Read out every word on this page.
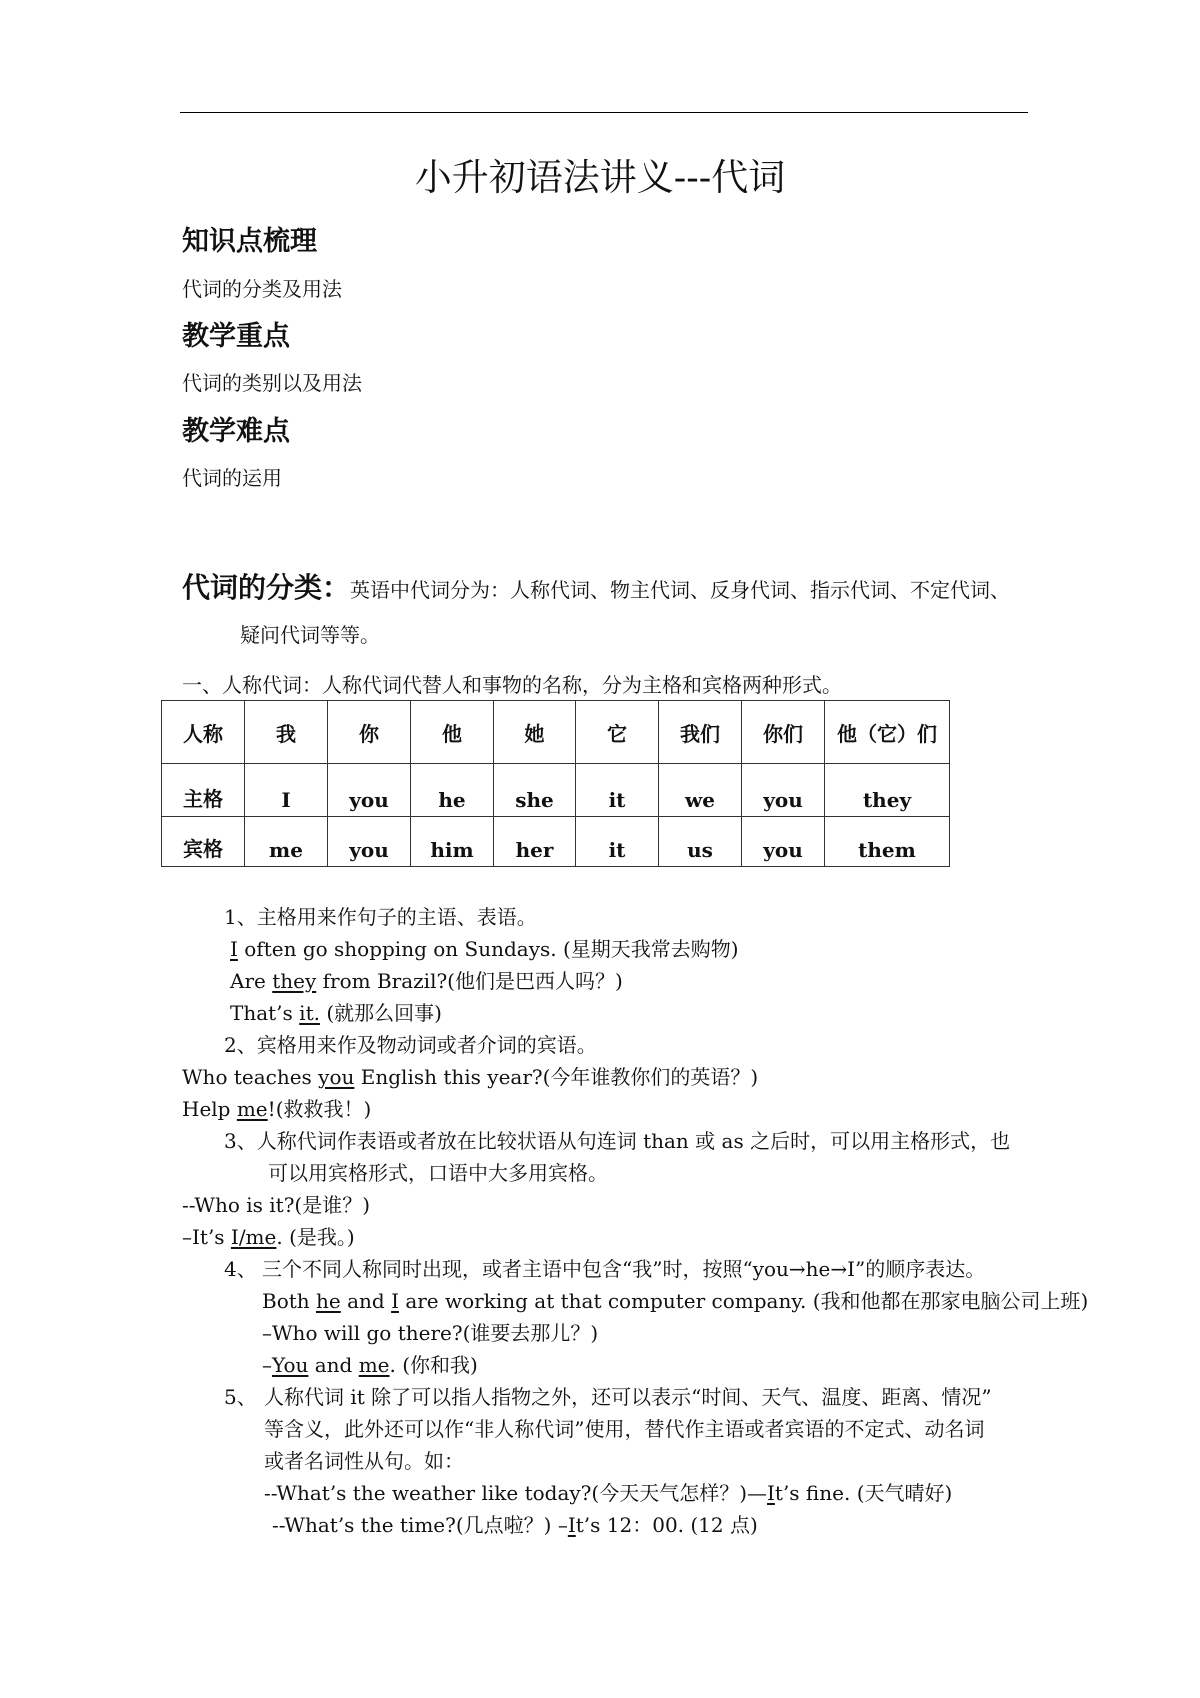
小升初语法讲义---代词
知识点梳理
代词的分类及用法
教学重点
代词的类别以及用法
教学难点
代词的运用
代词的分类：英语中代词分为：人称代词、物主代词、反身代词、指示代词、不定代词、
疑问代词等等。
一、人称代词：人称代词代替人和事物的名称，分为主格和宾格两种形式。
人称	我	你	他	她	它	我们	你们	他（它）们
主格	I	you	he	she	it	we	you	they
宾格	me	you	him	her	it	us	you	them
1、主格用来作句子的主语、表语。
I often go shopping on Sundays. (星期天我常去购物)
Are they from Brazil?(他们是巴西人吗？)
That’s it. (就那么回事)
2、宾格用来作及物动词或者介词的宾语。
Who teaches you English this year?(今年谁教你们的英语？)
Help me!(救救我！)
3、人称代词作表语或者放在比较状语从句连词 than 或 as 之后时，可以用主格形式，也
可以用宾格形式，口语中大多用宾格。
--Who is it?(是谁？)
–It’s I/me. (是我。)
4、 三个不同人称同时出现，或者主语中包含“我”时，按照“you→he→I”的顺序表达。
Both he and I are working at that computer company. (我和他都在那家电脑公司上班)
–Who will go there?(谁要去那儿？)
–You and me. (你和我)
5、 人称代词 it 除了可以指人指物之外，还可以表示“时间、天气、温度、距离、情况”
等含义，此外还可以作“非人称代词”使用，替代作主语或者宾语的不定式、动名词
或者名词性从句。如：
--What’s the weather like today?(今天天气怎样？)—It’s fine. (天气晴好)
--What’s the time?(几点啦？) –It’s 12：00. (12 点)
